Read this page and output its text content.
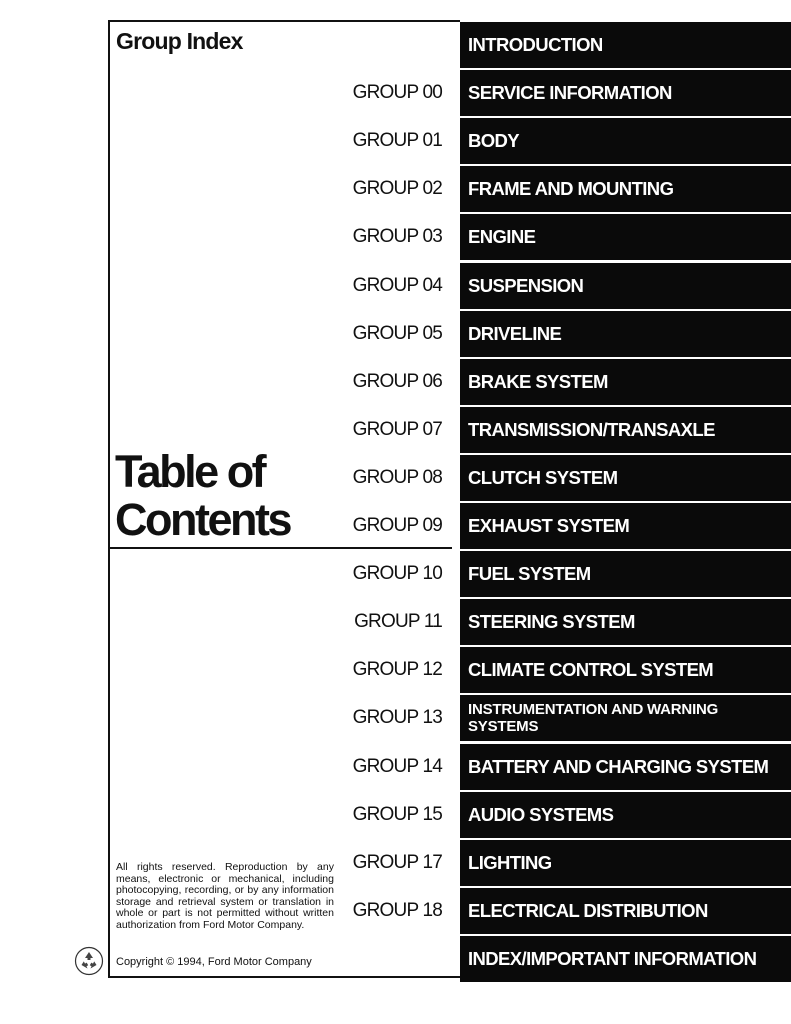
Group Index
Table of
Contents
INTRODUCTION
GROUP 00	SERVICE INFORMATION
GROUP 01	BODY
GROUP 02	FRAME AND MOUNTING
GROUP 03	ENGINE
GROUP 04	SUSPENSION
GROUP 05	DRIVELINE
GROUP 06	BRAKE SYSTEM
GROUP 07	TRANSMISSION/TRANSAXLE
GROUP 08	CLUTCH SYSTEM
GROUP 09	EXHAUST SYSTEM
GROUP 10	FUEL SYSTEM
GROUP 11	STEERING SYSTEM
GROUP 12	CLIMATE CONTROL SYSTEM
GROUP 13	INSTRUMENTATION AND WARNING SYSTEMS
GROUP 14	BATTERY AND CHARGING SYSTEM
GROUP 15	AUDIO SYSTEMS
GROUP 17	LIGHTING
GROUP 18	ELECTRICAL DISTRIBUTION
INDEX/IMPORTANT INFORMATION

All rights reserved. Reproduction by any means, electronic or mechanical, including photocopying, recording, or by any information storage and retrieval system or translation in whole or part is not permitted without written authorization from Ford Motor Company.

Copyright © 1994, Ford Motor Company
